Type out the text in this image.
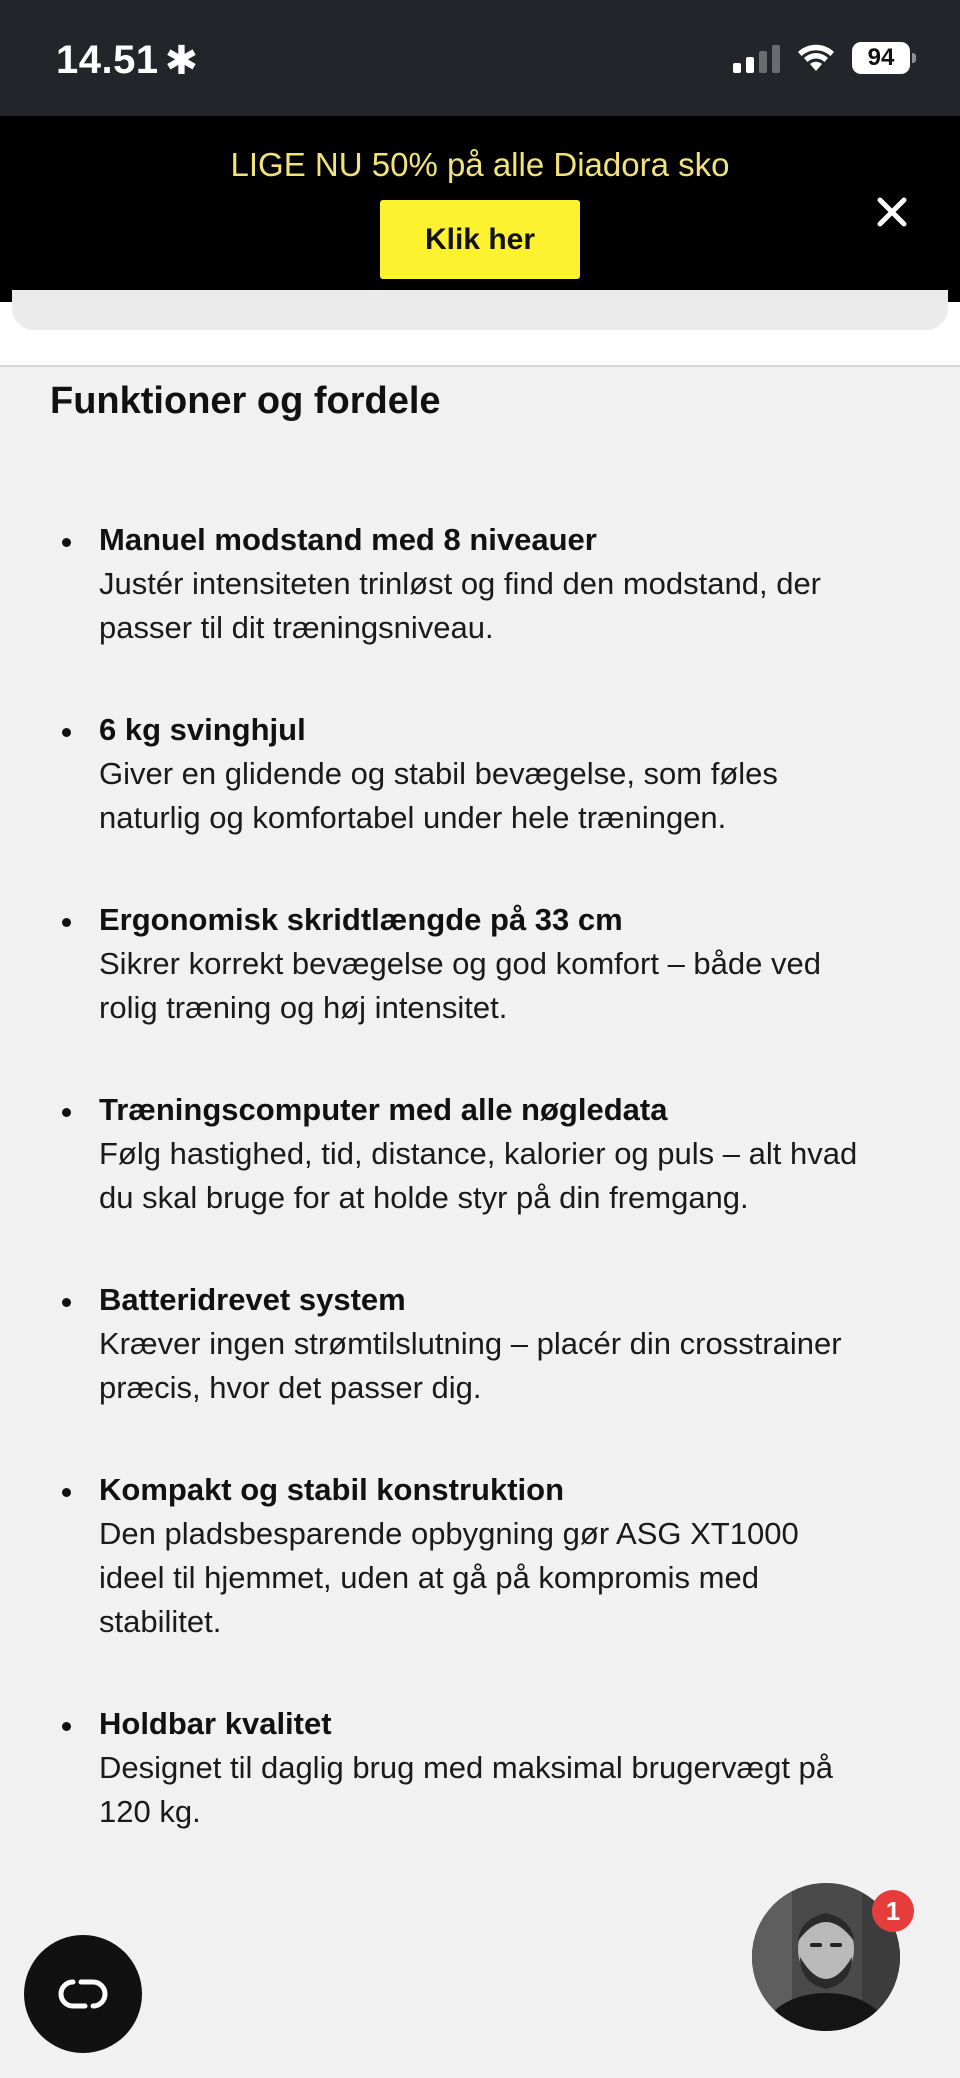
14.51 ✱	94
LIGE NU 50% på alle Diadora sko
Klik her
Funktioner og fordele
Manuel modstand med 8 niveauer
Justér intensiteten trinløst og find den modstand, der passer til dit træningsniveau.
6 kg svinghjul
Giver en glidende og stabil bevægelse, som føles naturlig og komfortabel under hele træningen.
Ergonomisk skridtlængde på 33 cm
Sikrer korrekt bevægelse og god komfort – både ved rolig træning og høj intensitet.
Træningscomputer med alle nøgledata
Følg hastighed, tid, distance, kalorier og puls – alt hvad du skal bruge for at holde styr på din fremgang.
Batteridrevet system
Kræver ingen strømtilslutning – placér din crosstrainer præcis, hvor det passer dig.
Kompakt og stabil konstruktion
Den pladsbesparende opbygning gør ASG XT1000 ideel til hjemmet, uden at gå på kompromis med stabilitet.
Holdbar kvalitet
Designet til daglig brug med maksimal brugervægt på 120 kg.
1
